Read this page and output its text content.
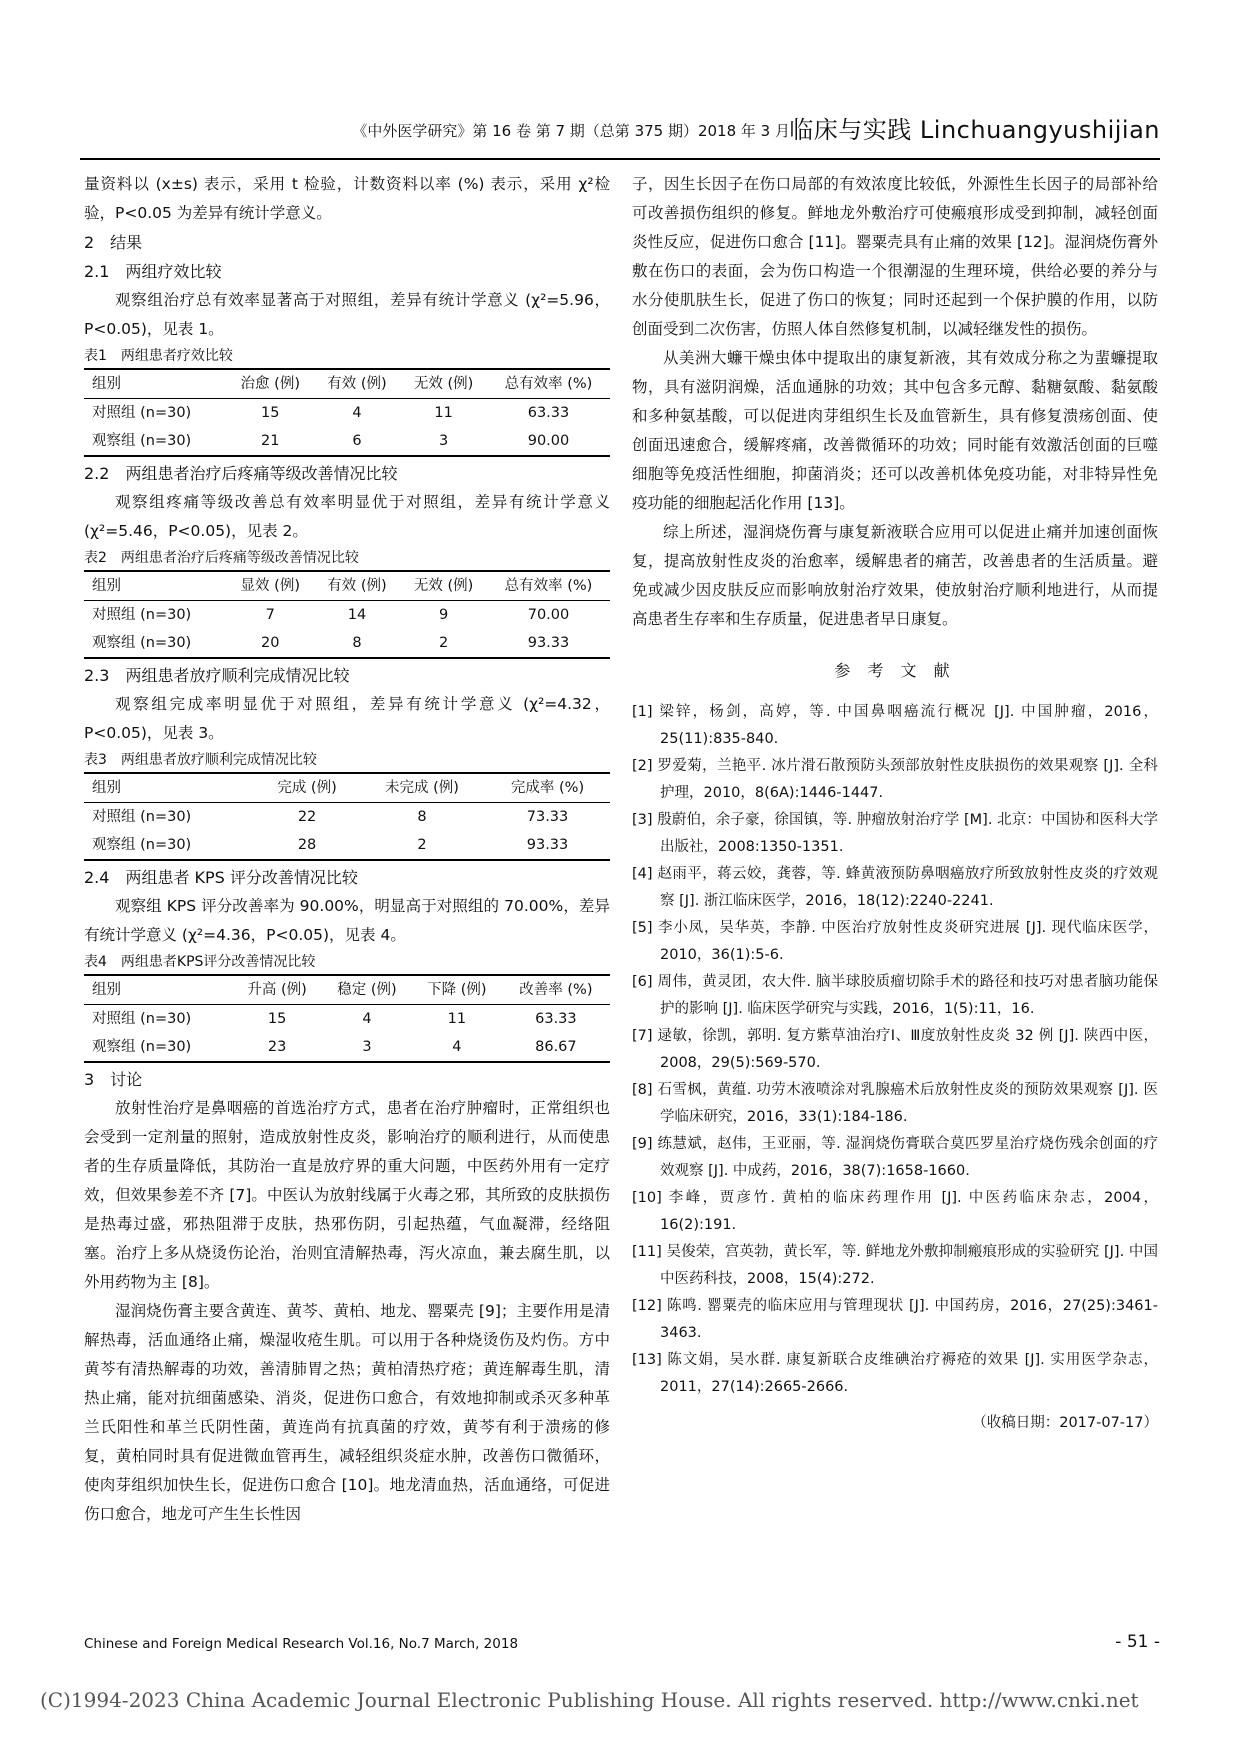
《中外医学研究》第 16 卷 第 7 期（总第 375 期）2018 年 3 月 临床与实践 Linchuangyushijian

量资料以 (x±s) 表示，采用 t 检验，计数资料以率 (%) 表示，采用 χ²检验，P<0.05 为差异有统计学意义。

2　结果

2.1　两组疗效比较

观察组治疗总有效率显著高于对照组，差异有统计学意义 (χ²=5.96，P<0.05)，见表 1。

表1　两组患者疗效比较

组别	治愈 (例)	有效 (例)	无效 (例)	总有效率 (%)
对照组 (n=30)	15	4	11	63.33
观察组 (n=30)	21	6	3	90.00

2.2　两组患者治疗后疼痛等级改善情况比较

观察组疼痛等级改善总有效率明显优于对照组，差异有统计学意义 (χ²=5.46，P<0.05)，见表 2。

表2　两组患者治疗后疼痛等级改善情况比较

组别	显效 (例)	有效 (例)	无效 (例)	总有效率 (%)
对照组 (n=30)	7	14	9	70.00
观察组 (n=30)	20	8	2	93.33

2.3　两组患者放疗顺利完成情况比较

观察组完成率明显优于对照组，差异有统计学意义 (χ²=4.32，P<0.05)，见表 3。

表3　两组患者放疗顺利完成情况比较

组别	完成 (例)	未完成 (例)	完成率 (%)
对照组 (n=30)	22	8	73.33
观察组 (n=30)	28	2	93.33

2.4　两组患者 KPS 评分改善情况比较

观察组 KPS 评分改善率为 90.00%，明显高于对照组的 70.00%，差异有统计学意义 (χ²=4.36，P<0.05)，见表 4。

表4　两组患者KPS评分改善情况比较

组别	升高 (例)	稳定 (例)	下降 (例)	改善率 (%)
对照组 (n=30)	15	4	11	63.33
观察组 (n=30)	23	3	4	86.67

3　讨论

放射性治疗是鼻咽癌的首选治疗方式，患者在治疗肿瘤时，正常组织也会受到一定剂量的照射，造成放射性皮炎，影响治疗的顺利进行，从而使患者的生存质量降低，其防治一直是放疗界的重大问题，中医药外用有一定疗效，但效果参差不齐 [7]。中医认为放射线属于火毒之邪，其所致的皮肤损伤是热毒过盛，邪热阻滞于皮肤，热邪伤阴，引起热蕴，气血凝滞，经络阻塞。治疗上多从烧烫伤论治，治则宜清解热毒，泻火凉血，兼去腐生肌，以外用药物为主 [8]。

湿润烧伤膏主要含黄连、黄芩、黄柏、地龙、罂粟壳 [9]；主要作用是清解热毒，活血通络止痛，燥湿收疮生肌。可以用于各种烧烫伤及灼伤。方中黄芩有清热解毒的功效，善清肺胃之热；黄柏清热疗疮；黄连解毒生肌，清热止痛，能对抗细菌感染、消炎，促进伤口愈合，有效地抑制或杀灭多种革兰氏阳性和革兰氏阴性菌，黄连尚有抗真菌的疗效，黄芩有利于溃疡的修复，黄柏同时具有促进微血管再生，减轻组织炎症水肿，改善伤口微循环，使肉芽组织加快生长，促进伤口愈合 [10]。地龙清血热，活血通络，可促进伤口愈合，地龙可产生生长性因

子，因生长因子在伤口局部的有效浓度比较低，外源性生长因子的局部补给可改善损伤组织的修复。鲜地龙外敷治疗可使瘢痕形成受到抑制，减轻创面炎性反应，促进伤口愈合 [11]。罂粟壳具有止痛的效果 [12]。湿润烧伤膏外敷在伤口的表面，会为伤口构造一个很潮湿的生理环境，供给必要的养分与水分使肌肤生长，促进了伤口的恢复；同时还起到一个保护膜的作用，以防创面受到二次伤害，仿照人体自然修复机制，以减轻继发性的损伤。

从美洲大蠊干燥虫体中提取出的康复新液，其有效成分称之为蜚蠊提取物，具有滋阴润燥，活血通脉的功效；其中包含多元醇、黏糖氨酸、黏氨酸和多种氨基酸，可以促进肉芽组织生长及血管新生，具有修复溃疡创面、使创面迅速愈合，缓解疼痛，改善微循环的功效；同时能有效激活创面的巨噬细胞等免疫活性细胞，抑菌消炎；还可以改善机体免疫功能，对非特异性免疫功能的细胞起活化作用 [13]。

综上所述，湿润烧伤膏与康复新液联合应用可以促进止痛并加速创面恢复，提高放射性皮炎的治愈率，缓解患者的痛苦，改善患者的生活质量。避免或减少因皮肤反应而影响放射治疗效果，使放射治疗顺利地进行，从而提高患者生存率和生存质量，促进患者早日康复。

参 考 文 献

[1] 梁锌，杨剑，高婷，等. 中国鼻咽癌流行概况 [J]. 中国肿瘤，2016，25(11):835-840.

[2] 罗爱菊，兰艳平. 冰片滑石散预防头颈部放射性皮肤损伤的效果观察 [J]. 全科护理，2010，8(6A):1446-1447.

[3] 殷蔚伯，余子豪，徐国镇，等. 肿瘤放射治疗学 [M]. 北京：中国协和医科大学出版社，2008:1350-1351.

[4] 赵雨平，蒋云姣，龚蓉，等. 蜂黄液预防鼻咽癌放疗所致放射性皮炎的疗效观察 [J]. 浙江临床医学，2016，18(12):2240-2241.

[5] 李小凤，吴华英，李静. 中医治疗放射性皮炎研究进展 [J]. 现代临床医学，2010，36(1):5-6.

[6] 周伟，黄灵团，农大件. 脑半球胶质瘤切除手术的路径和技巧对患者脑功能保护的影响 [J]. 临床医学研究与实践，2016，1(5):11，16.

[7] 逯敏，徐凯，郭明. 复方紫草油治疗Ⅰ、Ⅲ度放射性皮炎 32 例 [J]. 陕西中医，2008，29(5):569-570.

[8] 石雪枫，黄蕴. 功劳木液喷涂对乳腺癌术后放射性皮炎的预防效果观察 [J]. 医学临床研究，2016，33(1):184-186.

[9] 练慧斌，赵伟，王亚丽，等. 湿润烧伤膏联合莫匹罗星治疗烧伤残余创面的疗效观察 [J]. 中成药，2016，38(7):1658-1660.

[10] 李峰，贾彦竹. 黄柏的临床药理作用 [J]. 中医药临床杂志，2004，16(2):191.

[11] 吴俊荣，宫英勃，黄长军，等. 鲜地龙外敷抑制瘢痕形成的实验研究 [J]. 中国中医药科技，2008，15(4):272.

[12] 陈鸣. 罂粟壳的临床应用与管理现状 [J]. 中国药房，2016，27(25):3461-3463.

[13] 陈文娟，吴水群. 康复新联合皮维碘治疗褥疮的效果 [J]. 实用医学杂志，2011，27(14):2665-2666.

（收稿日期：2017-07-17）
Chinese and Foreign Medical Research Vol.16, No.7 March, 2018	- 51 -
(C)1994-2023 China Academic Journal Electronic Publishing House. All rights reserved. http://www.cnki.net
